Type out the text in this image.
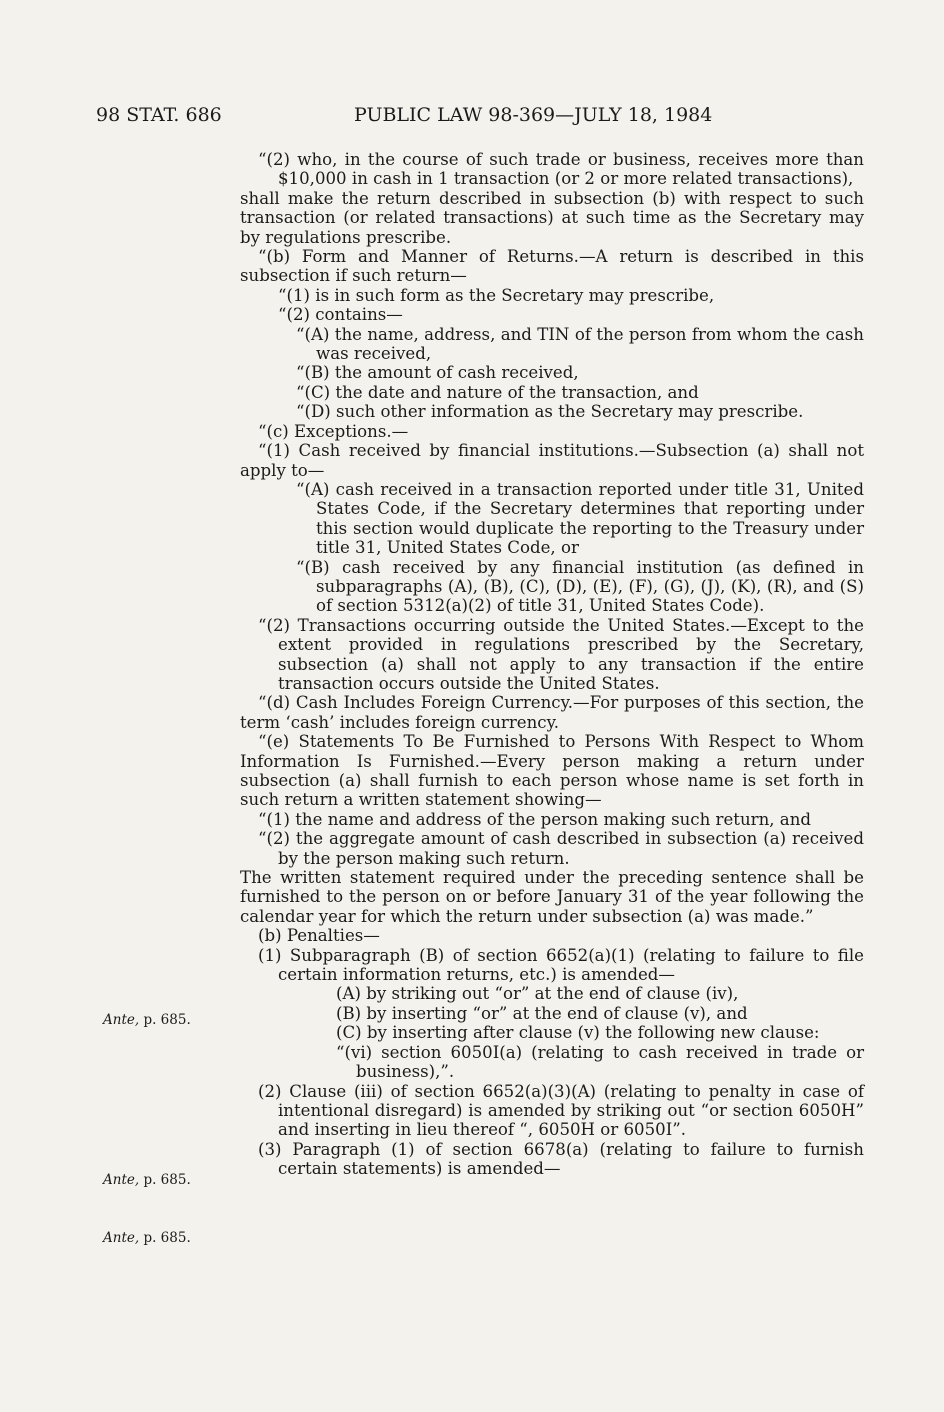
98 STAT. 686	PUBLIC LAW 98-369—JULY 18, 1984
Ante, p. 685.
Ante, p. 685.
Ante, p. 685.

“(2) who, in the course of such trade or business, receives more than $10,000 in cash in 1 transaction (or 2 or more related transactions),

shall make the return described in subsection (b) with respect to such transaction (or related transactions) at such time as the Secretary may by regulations prescribe.

“(b) Form and Manner of Returns.—A return is described in this subsection if such return—

“(1) is in such form as the Secretary may prescribe,

“(2) contains—

“(A) the name, address, and TIN of the person from whom the cash was received,

“(B) the amount of cash received,

“(C) the date and nature of the transaction, and

“(D) such other information as the Secretary may prescribe.

“(c) Exceptions.—

“(1) Cash received by financial institutions.—Subsection (a) shall not apply to—

“(A) cash received in a transaction reported under title 31, United States Code, if the Secretary determines that reporting under this section would duplicate the reporting to the Treasury under title 31, United States Code, or

“(B) cash received by any financial institution (as defined in subparagraphs (A), (B), (C), (D), (E), (F), (G), (J), (K), (R), and (S) of section 5312(a)(2) of title 31, United States Code).

“(2) Transactions occurring outside the United States.—Except to the extent provided in regulations prescribed by the Secretary, subsection (a) shall not apply to any transaction if the entire transaction occurs outside the United States.

“(d) Cash Includes Foreign Currency.—For purposes of this section, the term ‘cash’ includes foreign currency.

“(e) Statements To Be Furnished to Persons With Respect to Whom Information Is Furnished.—Every person making a return under subsection (a) shall furnish to each person whose name is set forth in such return a written statement showing—

“(1) the name and address of the person making such return, and

“(2) the aggregate amount of cash described in subsection (a) received by the person making such return.

The written statement required under the preceding sentence shall be furnished to the person on or before January 31 of the year following the calendar year for which the return under subsection (a) was made.”

(b) Penalties—

(1) Subparagraph (B) of section 6652(a)(1) (relating to failure to file certain information returns, etc.) is amended—

(A) by striking out “or” at the end of clause (iv),

(B) by inserting “or” at the end of clause (v), and

(C) by inserting after clause (v) the following new clause:

“(vi) section 6050I(a) (relating to cash received in trade or business),”.

(2) Clause (iii) of section 6652(a)(3)(A) (relating to penalty in case of intentional disregard) is amended by striking out “or section 6050H” and inserting in lieu thereof “, 6050H or 6050I”.

(3) Paragraph (1) of section 6678(a) (relating to failure to furnish certain statements) is amended—
